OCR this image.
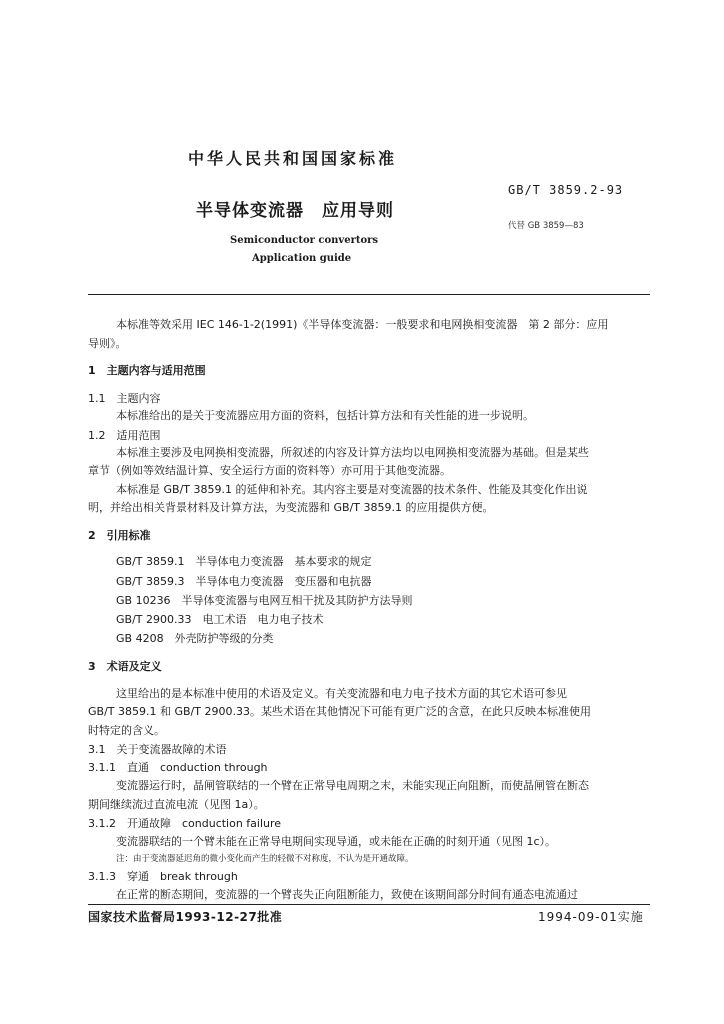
中华人民共和国国家标准
半导体变流器　应用导则
GB/T 3859.2-93
代替 GB 3859—83
Semiconductor convertors
Application guide
本标准等效采用 IEC 146-1-2(1991)《半导体变流器：一般要求和电网换相变流器　第 2 部分：应用
导则》。
1　主题内容与适用范围
1.1　主题内容
本标准给出的是关于变流器应用方面的资料，包括计算方法和有关性能的进一步说明。
1.2　适用范围
本标准主要涉及电网换相变流器，所叙述的内容及计算方法均以电网换相变流器为基础。但是某些
章节（例如等效结温计算、安全运行方面的资料等）亦可用于其他变流器。
本标准是 GB/T 3859.1 的延伸和补充。其内容主要是对变流器的技术条件、性能及其变化作出说
明，并给出相关背景材料及计算方法，为变流器和 GB/T 3859.1 的应用提供方便。
2　引用标准
GB/T 3859.1　半导体电力变流器　基本要求的规定
GB/T 3859.3　半导体电力变流器　变压器和电抗器
GB 10236　半导体变流器与电网互相干扰及其防护方法导则
GB/T 2900.33　电工术语　电力电子技术
GB 4208　外壳防护等级的分类
3　术语及定义
这里给出的是本标准中使用的术语及定义。有关变流器和电力电子技术方面的其它术语可参见
GB/T 3859.1 和 GB/T 2900.33。某些术语在其他情况下可能有更广泛的含意，在此只反映本标准使用
时特定的含义。
3.1　关于变流器故障的术语
3.1.1　直通　conduction through
变流器运行时，晶闸管联结的一个臂在正常导电周期之末，未能实现正向阻断，而使晶闸管在断态
期间继续流过直流电流（见图 1a）。
3.1.2　开通故障　conduction failure
变流器联结的一个臂未能在正常导电期间实现导通，或未能在正确的时刻开通（见图 1c）。
注：由于变流器延迟角的微小变化而产生的轻微不对称度，不认为是开通故障。
3.1.3　穿通　break through
在正常的断态期间，变流器的一个臂丧失正向阻断能力，致使在该期间部分时间有通态电流通过
国家技术监督局1993-12-27批准	1994-09-01实施
